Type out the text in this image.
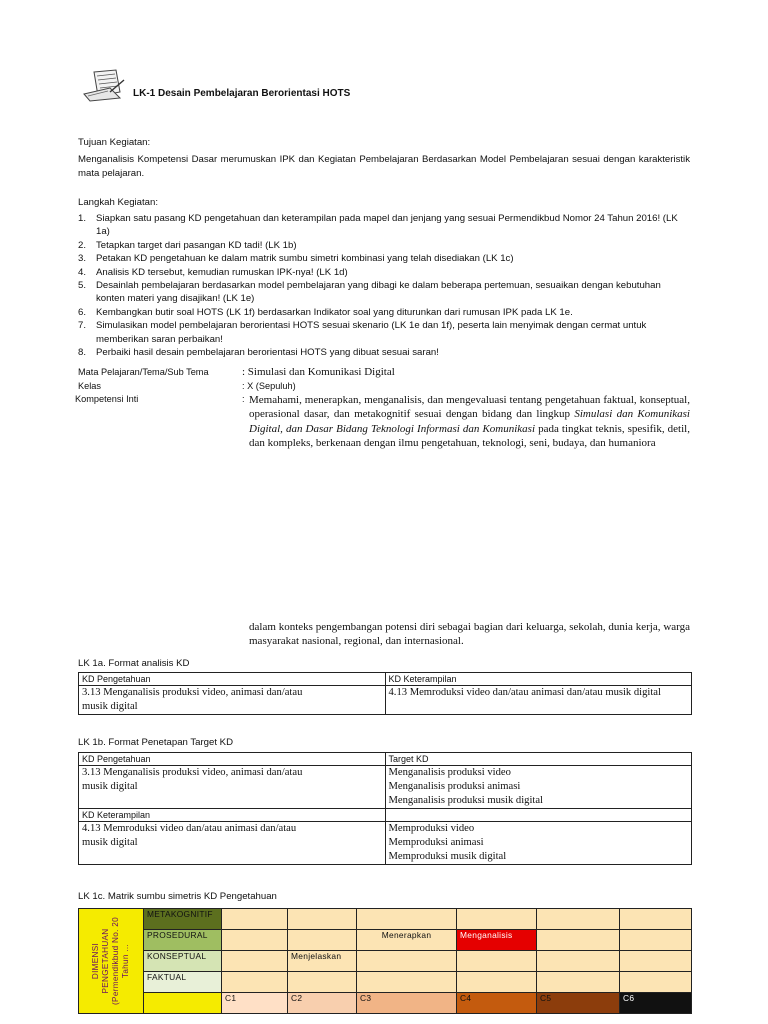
LK-1 Desain Pembelajaran Berorientasi HOTS
Tujuan Kegiatan:
Menganalisis Kompetensi Dasar merumuskan IPK dan Kegiatan Pembelajaran Berdasarkan Model Pembelajaran sesuai dengan karakteristik mata pelajaran.
Langkah Kegiatan:
1. Siapkan satu pasang KD pengetahuan dan keterampilan pada mapel dan jenjang yang sesuai Permendikbud Nomor 24 Tahun 2016! (LK 1a)
2. Tetapkan target dari pasangan KD tadi! (LK 1b)
3. Petakan KD pengetahuan ke dalam matrik sumbu simetri kombinasi yang telah disediakan (LK 1c)
4. Analisis KD tersebut, kemudian rumuskan IPK-nya! (LK 1d)
5. Desainlah pembelajaran berdasarkan model pembelajaran yang dibagi ke dalam beberapa pertemuan, sesuaikan dengan kebutuhan konten materi yang disajikan! (LK 1e)
6. Kembangkan butir soal HOTS (LK 1f) berdasarkan Indikator soal yang diturunkan dari rumusan IPK pada LK 1e.
7. Simulasikan model pembelajaran berorientasi HOTS sesuai skenario (LK 1e dan 1f), peserta lain menyimak dengan cermat untuk memberikan saran perbaikan!
8. Perbaiki hasil desain pembelajaran berorientasi HOTS yang dibuat sesuai saran!
Mata Pelajaran/Tema/Sub Tema	: Simulasi dan Komunikasi Digital
Kelas	: X (Sepuluh)
Kompetensi Inti	: Memahami, menerapkan, menganalisis, dan mengevaluasi tentang pengetahuan faktual, konseptual, operasional dasar, dan metakognitif sesuai dengan bidang dan lingkup Simulasi dan Komunikasi Digital, dan Dasar Bidang Teknologi Informasi dan Komunikasi pada tingkat teknis, spesifik, detil, dan kompleks, berkenaan dengan ilmu pengetahuan, teknologi, seni, budaya, dan humaniora
dalam konteks pengembangan potensi diri sebagai bagian dari keluarga, sekolah, dunia kerja, warga masyarakat nasional, regional, dan internasional.
LK 1a. Format analisis KD
KD Pengetahuan	KD Keterampilan

3.13 Menganalisis produksi video, animasi dan/atau musik digital	4.13 Memroduksi video dan/atau animasi dan/atau musik digital
LK 1b. Format Penetapan Target KD
KD Pengetahuan	Target KD

3.13 Menganalisis produksi video, animasi dan/atau musik digital	Menganalisis produksi video
Menganalisis produksi animasi
Menganalisis produksi musik digital

KD Keterampilan	

4.13 Memroduksi video dan/atau animasi dan/atau musik digital	Memproduksi video
Memproduksi animasi
Memproduksi musik digital
LK 1c. Matrik sumbu simetris KD Pengetahuan
DIMENSI PENGETAHUAN (Permendikbud No. 20 Tahun ...	METAKOGNITIF						
	PROSEDURAL			Menerapkan	Menganalisis		
	KONSEPTUAL		Menjelaskan				
	FAKTUAL						
		C1	C2	C3	C4	C5	C6
